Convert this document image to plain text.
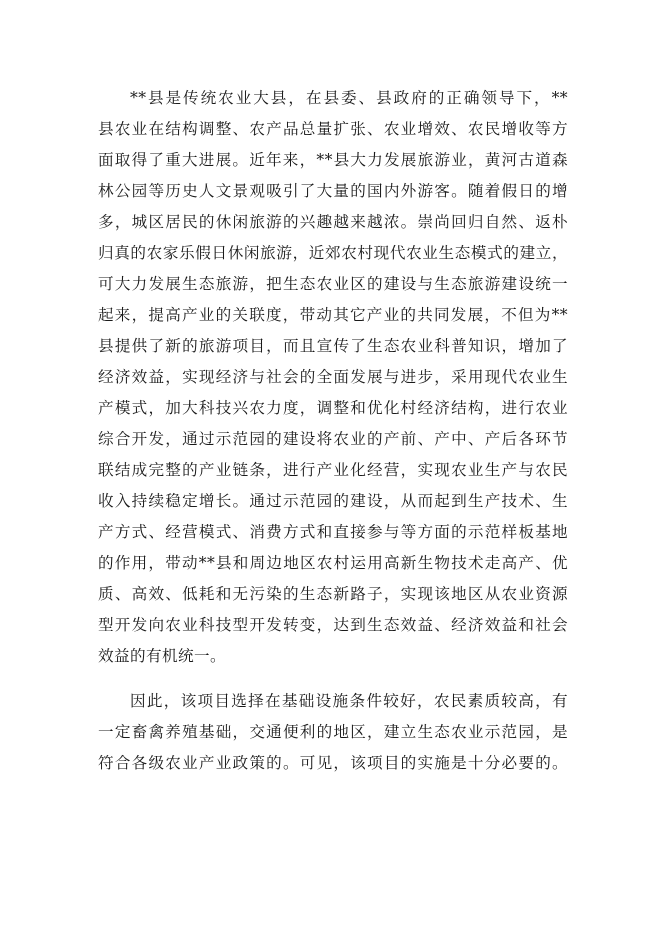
**县是传统农业大县，在县委、县政府的正确领导下，**
县农业在结构调整、农产品总量扩张、农业增效、农民增收等方
面取得了重大进展。近年来，**县大力发展旅游业，黄河古道森
林公园等历史人文景观吸引了大量的国内外游客。随着假日的增
多，城区居民的休闲旅游的兴趣越来越浓。崇尚回归自然、返朴
归真的农家乐假日休闲旅游，近郊农村现代农业生态模式的建立，
可大力发展生态旅游，把生态农业区的建设与生态旅游建设统一
起来，提高产业的关联度，带动其它产业的共同发展，不但为**
县提供了新的旅游项目，而且宣传了生态农业科普知识，增加了
经济效益，实现经济与社会的全面发展与进步，采用现代农业生
产模式，加大科技兴农力度，调整和优化村经济结构，进行农业
综合开发，通过示范园的建设将农业的产前、产中、产后各环节
联结成完整的产业链条，进行产业化经营，实现农业生产与农民
收入持续稳定增长。通过示范园的建设，从而起到生产技术、生
产方式、经营模式、消费方式和直接参与等方面的示范样板基地
的作用，带动**县和周边地区农村运用高新生物技术走高产、优
质、高效、低耗和无污染的生态新路子，实现该地区从农业资源
型开发向农业科技型开发转变，达到生态效益、经济效益和社会
效益的有机统一。
因此，该项目选择在基础设施条件较好，农民素质较高，有
一定畜禽养殖基础，交通便利的地区，建立生态农业示范园，是
符合各级农业产业政策的。可见，该项目的实施是十分必要的。
